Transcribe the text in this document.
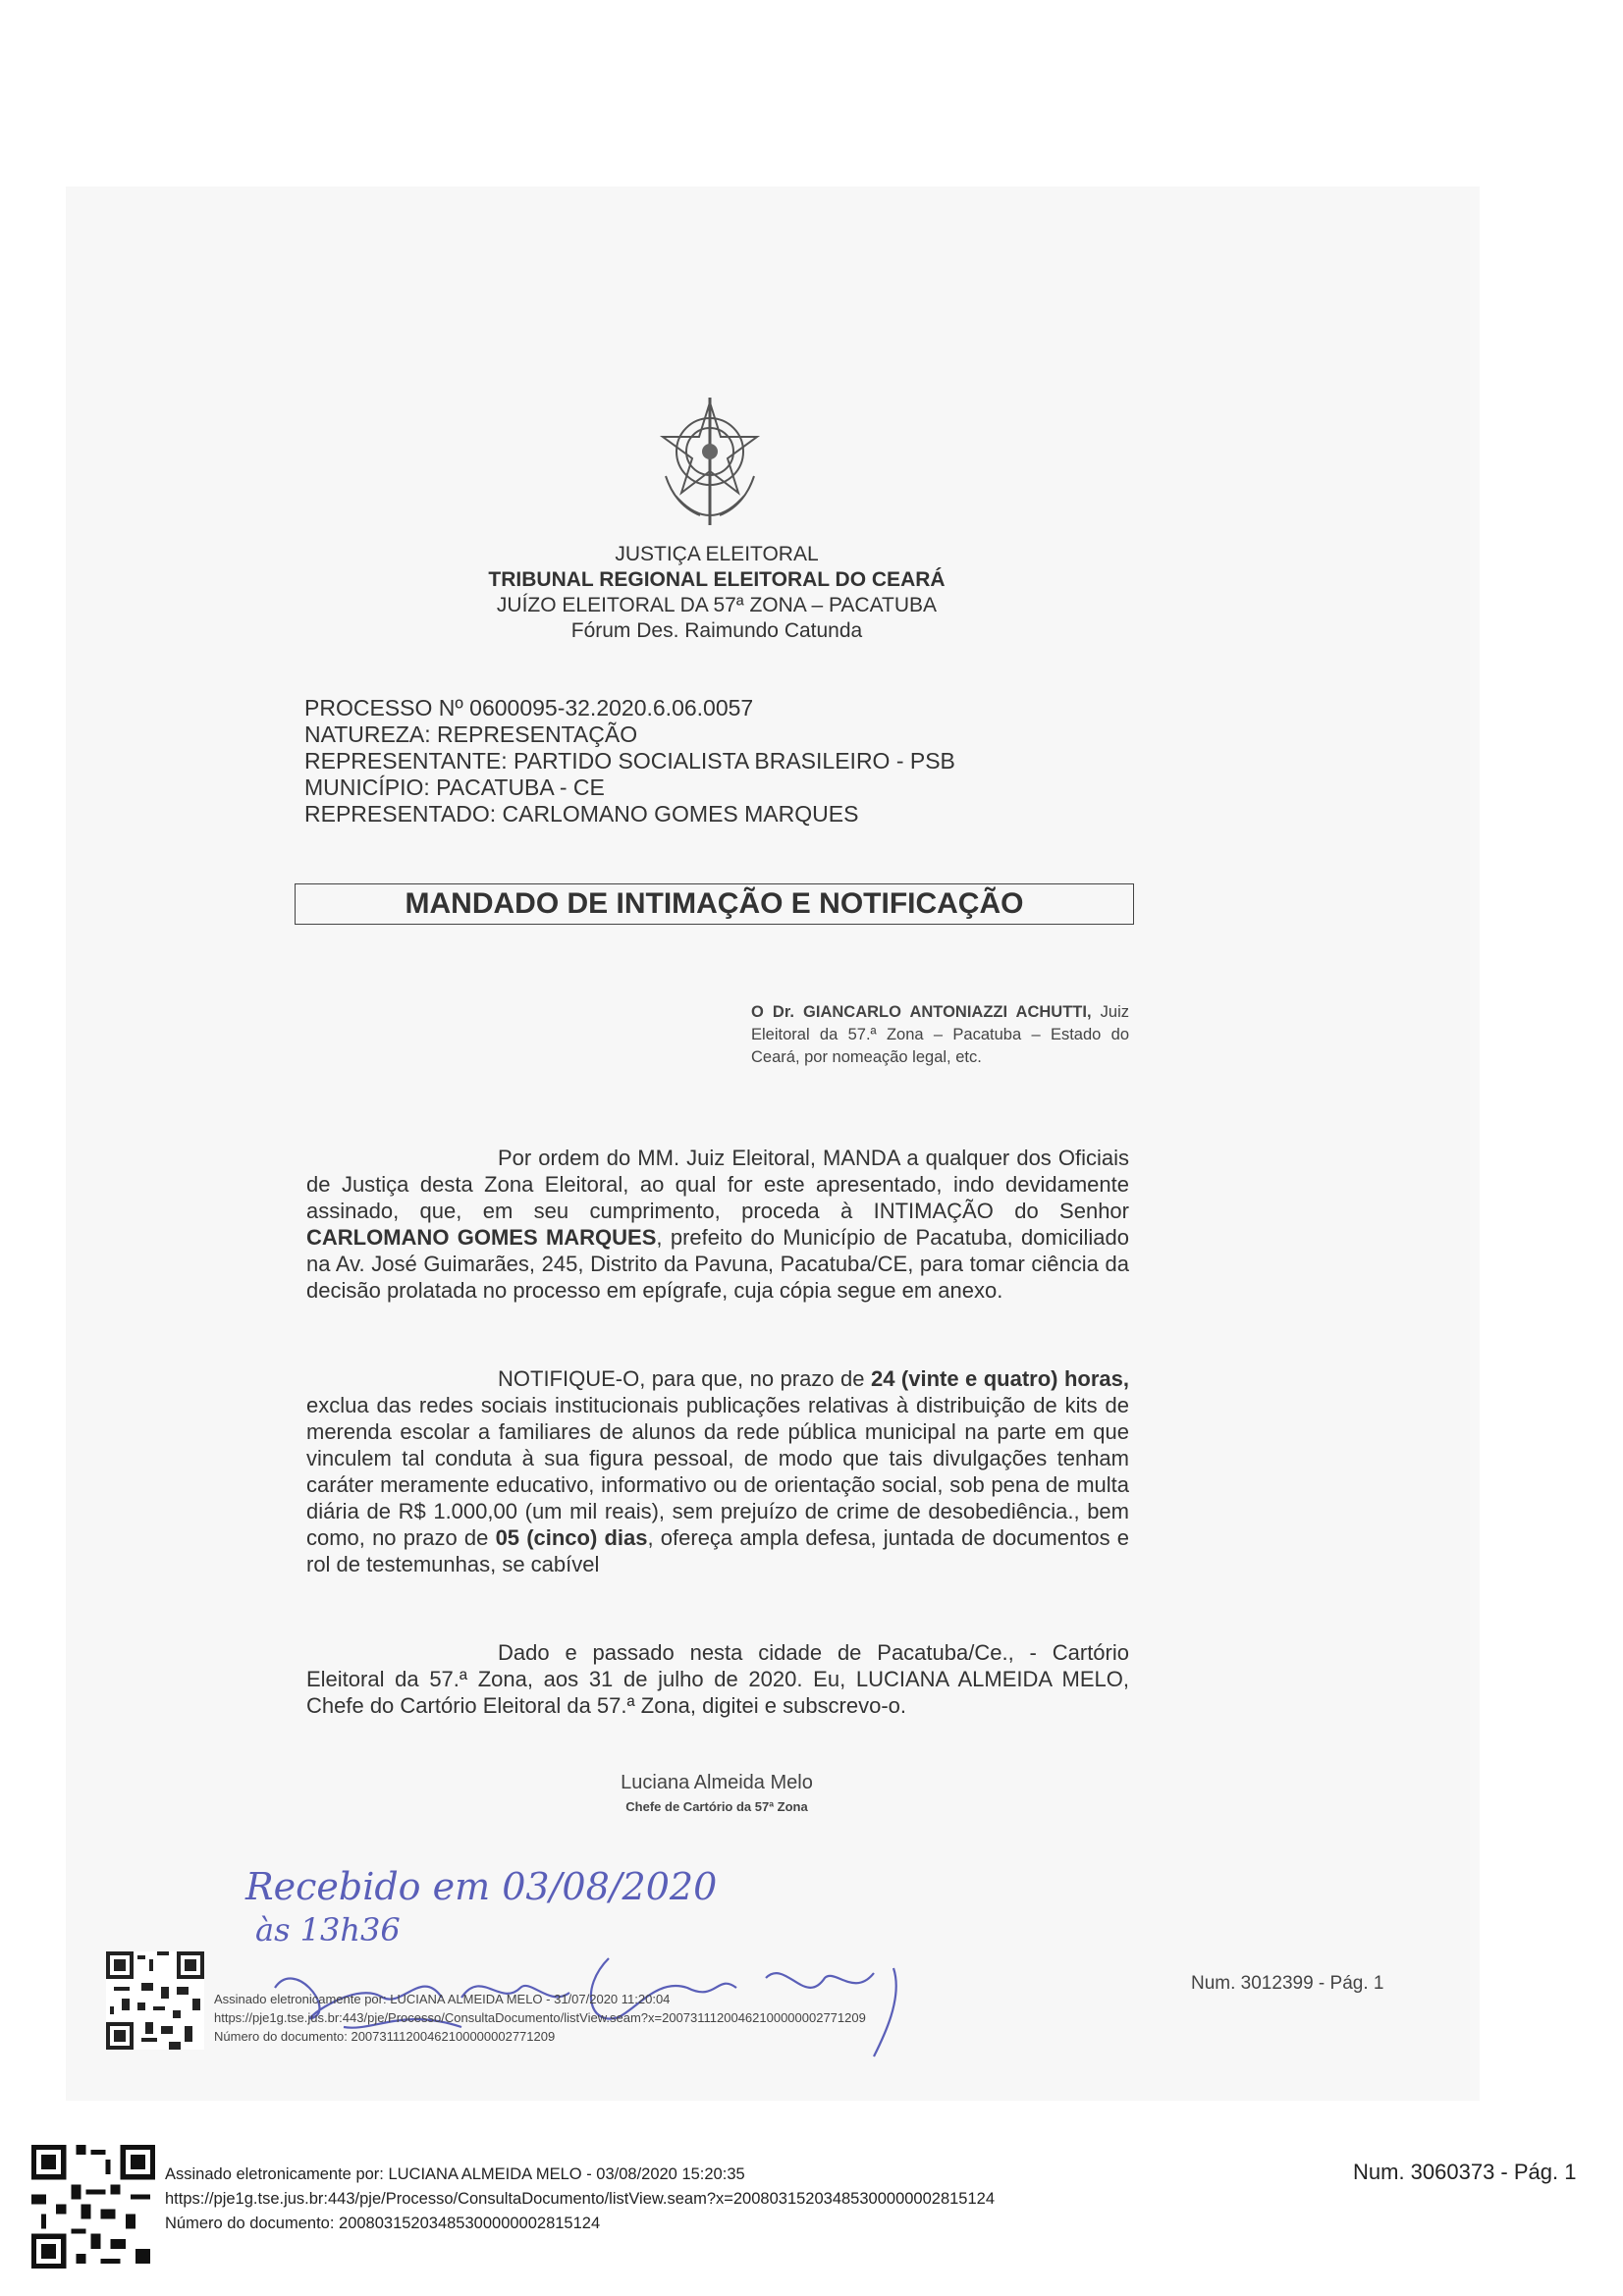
JUSTIÇA ELEITORAL
TRIBUNAL REGIONAL ELEITORAL DO CEARÁ
JUÍZO ELEITORAL DA 57ª ZONA – PACATUBA
Fórum Des. Raimundo Catunda
PROCESSO Nº 0600095-32.2020.6.06.0057
NATUREZA: REPRESENTAÇÃO
REPRESENTANTE: PARTIDO SOCIALISTA BRASILEIRO - PSB
MUNICÍPIO: PACATUBA - CE
REPRESENTADO: CARLOMANO GOMES MARQUES
MANDADO DE INTIMAÇÃO E NOTIFICAÇÃO
O Dr. GIANCARLO ANTONIAZZI ACHUTTI, Juiz Eleitoral da 57.ª Zona – Pacatuba – Estado do Ceará, por nomeação legal, etc.

Por ordem do MM. Juiz Eleitoral, MANDA a qualquer dos Oficiais de Justiça desta Zona Eleitoral, ao qual for este apresentado, indo devidamente assinado, que, em seu cumprimento, proceda à INTIMAÇÃO do Senhor CARLOMANO GOMES MARQUES, prefeito do Município de Pacatuba, domiciliado na Av. José Guimarães, 245, Distrito da Pavuna, Pacatuba/CE, para tomar ciência da decisão prolatada no processo em epígrafe, cuja cópia segue em anexo.

NOTIFIQUE-O, para que, no prazo de 24 (vinte e quatro) horas, exclua das redes sociais institucionais publicações relativas à distribuição de kits de merenda escolar a familiares de alunos da rede pública municipal na parte em que vinculem tal conduta à sua figura pessoal, de modo que tais divulgações tenham caráter meramente educativo, informativo ou de orientação social, sob pena de multa diária de R$ 1.000,00 (um mil reais), sem prejuízo de crime de desobediência., bem como, no prazo de 05 (cinco) dias, ofereça ampla defesa, juntada de documentos e rol de testemunhas, se cabível

Dado e passado nesta cidade de Pacatuba/Ce., - Cartório Eleitoral da 57.ª Zona, aos 31 de julho de 2020. Eu, LUCIANA ALMEIDA MELO, Chefe do Cartório Eleitoral da 57.ª Zona, digitei e subscrevo-o.

Luciana Almeida Melo
Chefe de Cartório da 57ª Zona
Recebido em 03/08/2020
às 13h36
Assinado eletronicamente por: LUCIANA ALMEIDA MELO - 31/07/2020 11:20:04
https://pje1g.tse.jus.br:443/pje/Processo/ConsultaDocumento/listView.seam?x=20073111200462100000002771209
Número do documento: 20073111200462100000002771209
Num. 3012399 - Pág. 1
Assinado eletronicamente por: LUCIANA ALMEIDA MELO - 03/08/2020 15:20:35
https://pje1g.tse.jus.br:443/pje/Processo/ConsultaDocumento/listView.seam?x=20080315203485300000002815124
Número do documento: 20080315203485300000002815124
Num. 3060373 - Pág. 1
